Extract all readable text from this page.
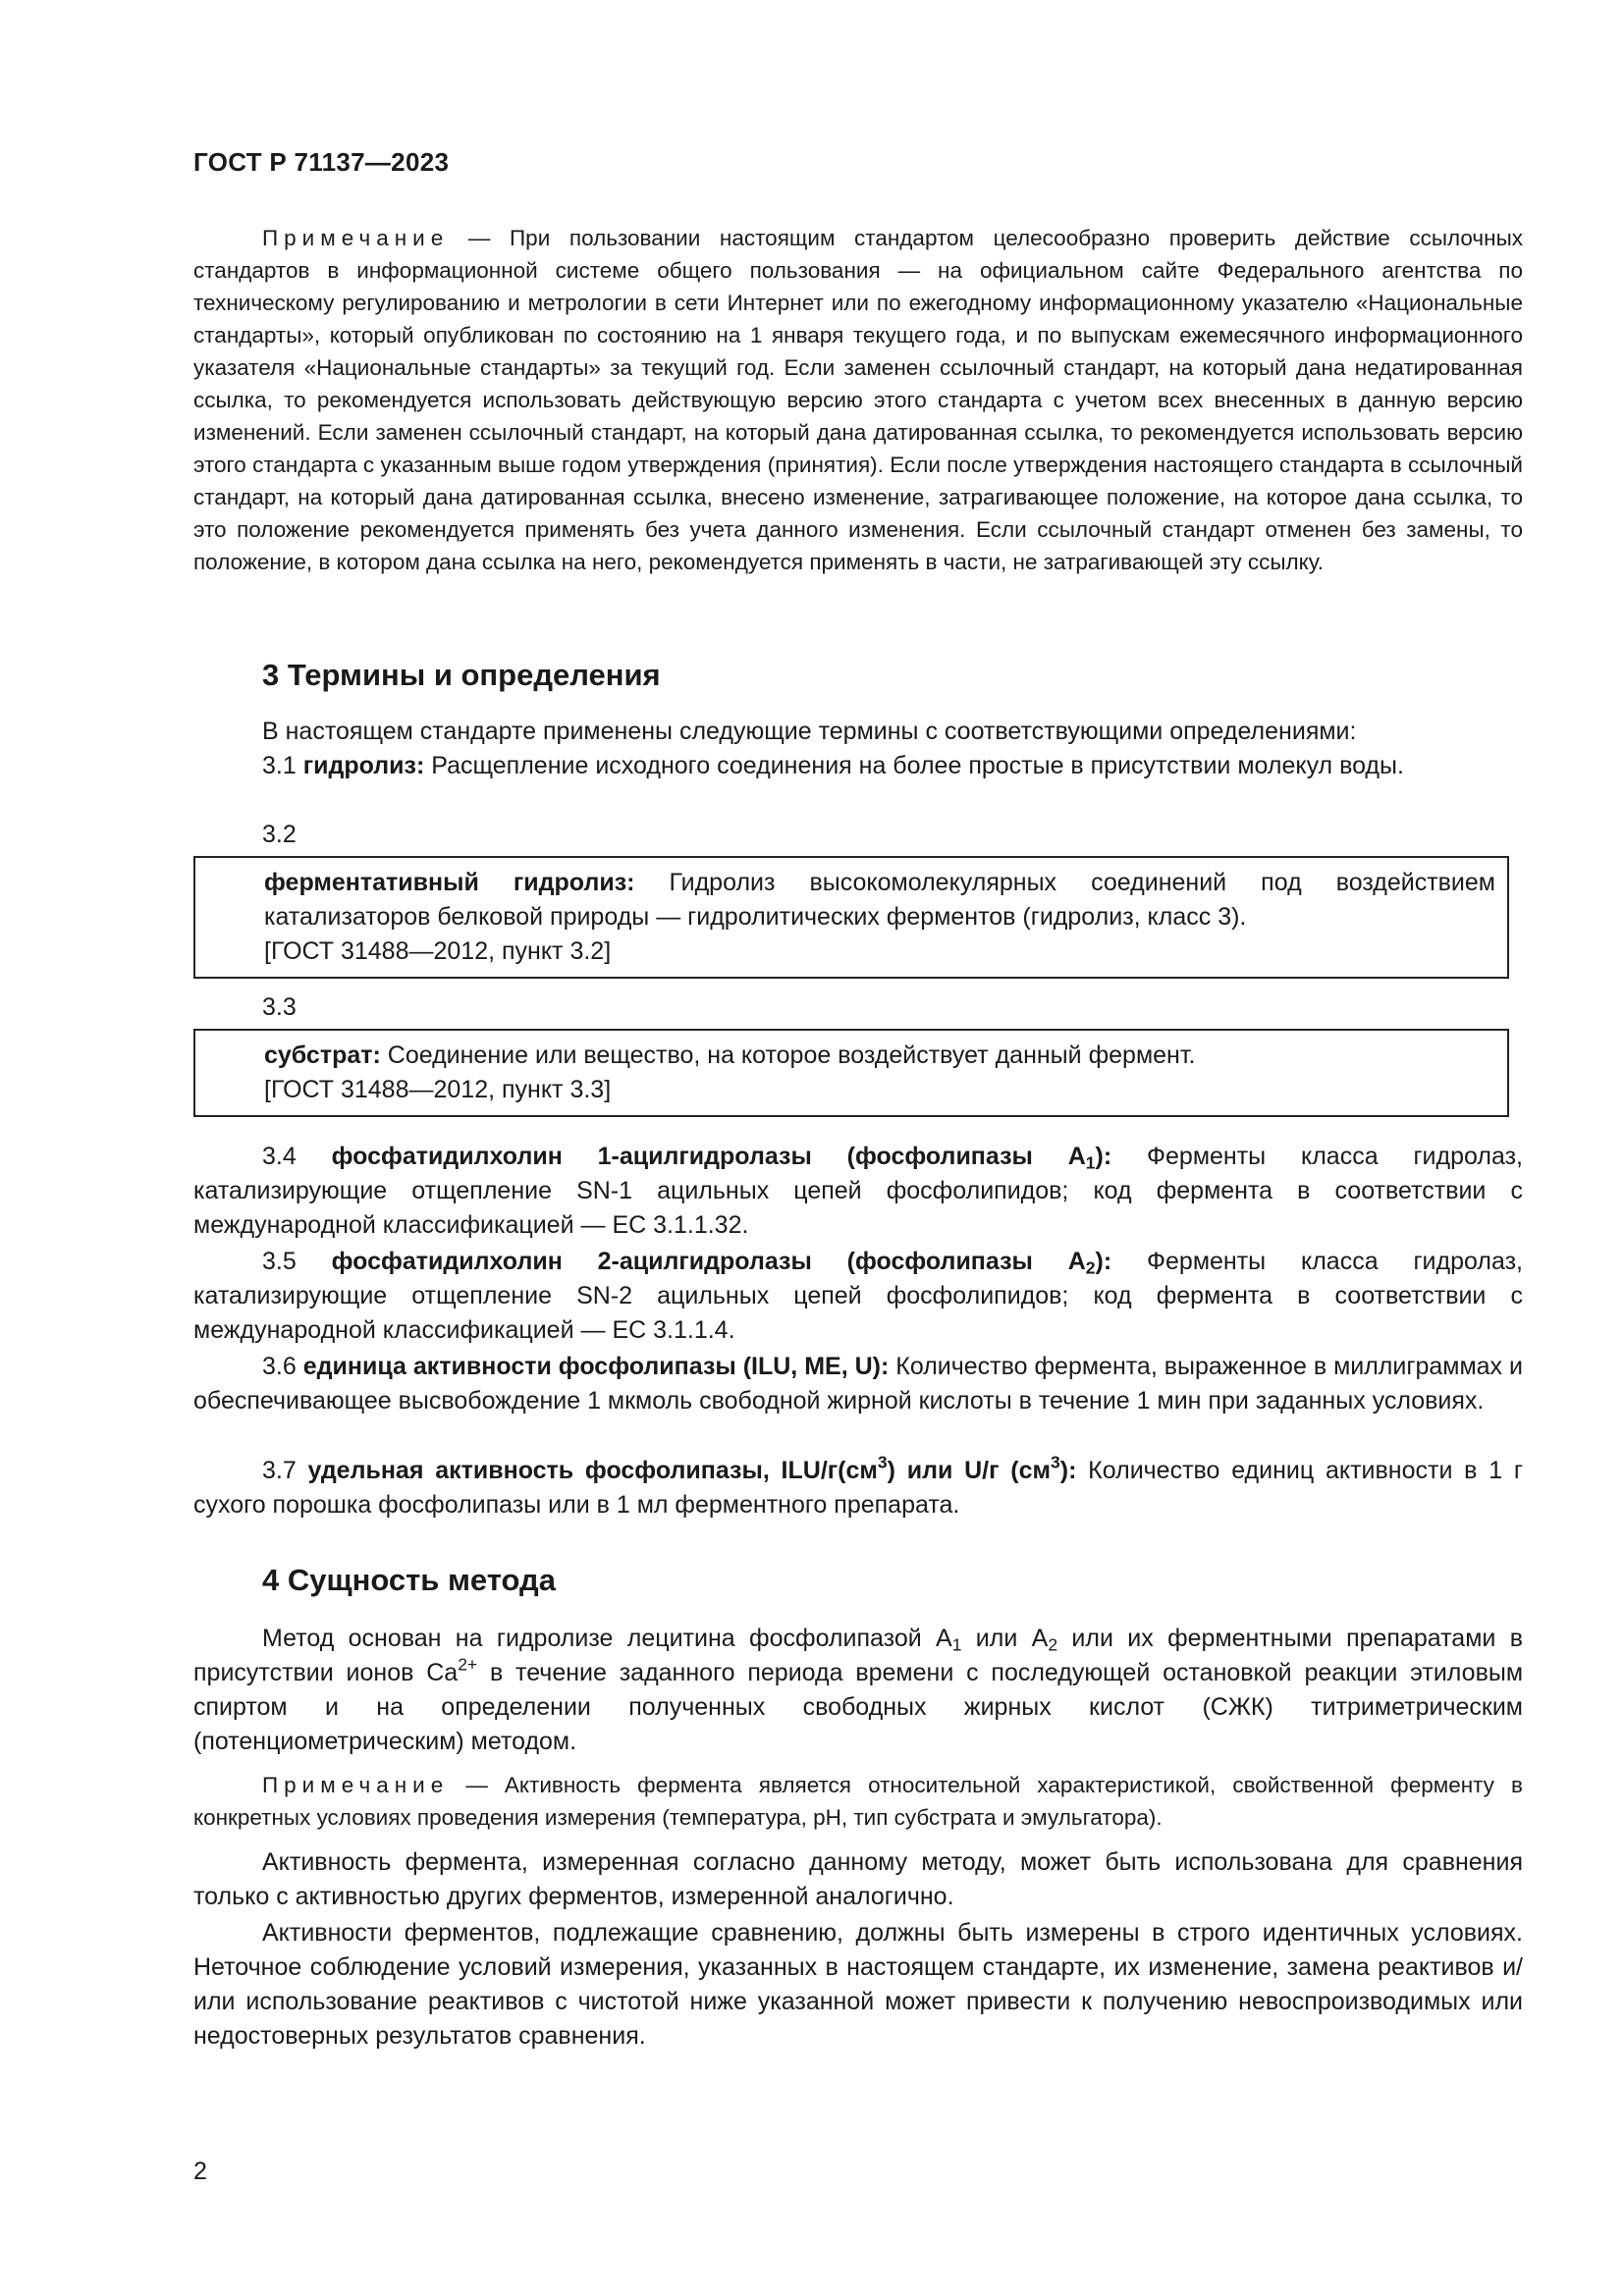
ГОСТ Р 71137—2023
Примечание — При пользовании настоящим стандартом целесообразно проверить действие ссылочных стандартов в информационной системе общего пользования — на официальном сайте Федерального агентства по техническому регулированию и метрологии в сети Интернет или по ежегодному информационному указателю «Национальные стандарты», который опубликован по состоянию на 1 января текущего года, и по выпускам ежемесячного информационного указателя «Национальные стандарты» за текущий год. Если заменен ссылочный стандарт, на который дана недатированная ссылка, то рекомендуется использовать действующую версию этого стандарта с учетом всех внесенных в данную версию изменений. Если заменен ссылочный стандарт, на который дана датированная ссылка, то рекомендуется использовать версию этого стандарта с указанным выше годом утверждения (принятия). Если после утверждения настоящего стандарта в ссылочный стандарт, на который дана датированная ссылка, внесено изменение, затрагивающее положение, на которое дана ссылка, то это положение рекомендуется применять без учета данного изменения. Если ссылочный стандарт отменен без замены, то положение, в котором дана ссылка на него, рекомендуется применять в части, не затрагивающей эту ссылку.
3 Термины и определения
В настоящем стандарте применены следующие термины с соответствующими определениями:
3.1 гидролиз: Расщепление исходного соединения на более простые в присутствии молекул воды.
3.2
ферментативный гидролиз: Гидролиз высокомолекулярных соединений под воздействием катализаторов белковой природы — гидролитических ферментов (гидролиз, класс 3).
[ГОСТ 31488—2012, пункт 3.2]
3.3
субстрат: Соединение или вещество, на которое воздействует данный фермент.
[ГОСТ 31488—2012, пункт 3.3]
3.4 фосфатидилхолин 1-ацилгидролазы (фосфолипазы $A_1$): Ферменты класса гидролаз, катализирующие отщепление SN-1 ацильных цепей фосфолипидов; код фермента в соответствии с международной классификацией — ЕС 3.1.1.32.
3.5 фосфатидилхолин 2-ацилгидролазы (фосфолипазы $A_2$): Ферменты класса гидролаз, катализирующие отщепление SN-2 ацильных цепей фосфолипидов; код фермента в соответствии с международной классификацией — ЕС 3.1.1.4.
3.6 единица активности фосфолипазы (ILU, МЕ, U): Количество фермента, выраженное в миллиграммах и обеспечивающее высвобождение 1 мкмоль свободной жирной кислоты в течение 1 мин при заданных условиях.
3.7 удельная активность фосфолипазы, ILU/$г(см^3)$ или U/г $(см^3)$: Количество единиц активности в 1 г сухого порошка фосфолипазы или в 1 мл ферментного препарата.
4 Сущность метода
Метод основан на гидролизе лецитина фосфолипазой $A_1$ или $A_2$ или их ферментными препаратами в присутствии ионов $Ca^{2+}$ в течение заданного периода времени с последующей остановкой реакции этиловым спиртом и на определении полученных свободных жирных кислот (СЖК) титриметрическим (потенциометрическим) методом.
Примечание — Активность фермента является относительной характеристикой, свойственной ферменту в конкретных условиях проведения измерения (температура, pH, тип субстрата и эмульгатора).
Активность фермента, измеренная согласно данному методу, может быть использована для сравнения только с активностью других ферментов, измеренной аналогично.
Активности ферментов, подлежащие сравнению, должны быть измерены в строго идентичных условиях. Неточное соблюдение условий измерения, указанных в настоящем стандарте, их изменение, замена реактивов и/или использование реактивов с чистотой ниже указанной может привести к получению невоспроизводимых или недостоверных результатов сравнения.
2
